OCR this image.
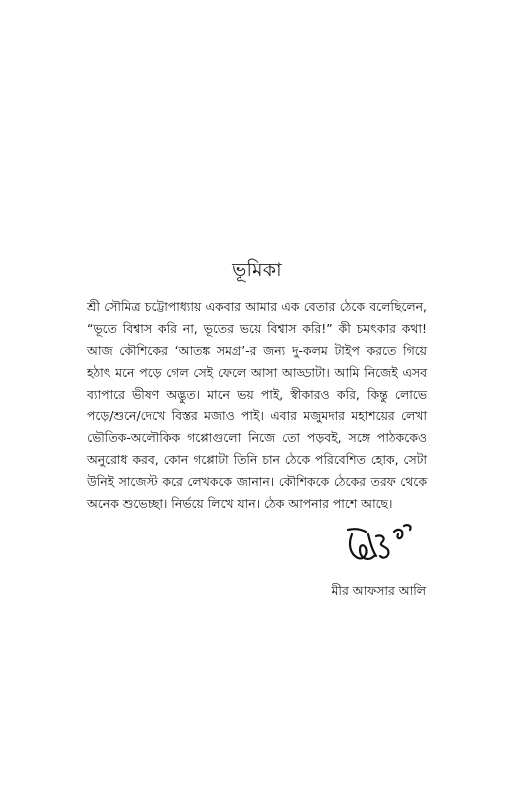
ভূমিকা
শ্রী সৌমিত্র চট্টোপাধ্যায় একবার আমার এক বেতার ঠেকে বলেছিলেন,
“ভূতে বিশ্বাস করি না, ভূতের ভয়ে বিশ্বাস করি!” কী চমৎকার কথা!
আজ কৌশিকের ‘আতঙ্ক সমগ্র’-র জন্য দু-কলম টাইপ করতে গিয়ে
হঠাৎ মনে পড়ে গেল সেই ফেলে আসা আড্ডাটা। আমি নিজেই এসব
ব্যাপারে ভীষণ অদ্ভুত। মানে ভয় পাই, স্বীকারও করি, কিন্তু লোভে
পড়ে/শুনে/দেখে বিস্তর মজাও পাই। এবার মজুমদার মহাশয়ের লেখা
ভৌতিক-অলৌকিক গপ্পোগুলো নিজে তো পড়বই, সঙ্গে পাঠককেও
অনুরোধ করব, কোন গপ্পোটা তিনি চান ঠেকে পরিবেশিত হোক, সেটা
উনিই সাজেস্ট করে লেখককে জানান। কৌশিককে ঠেকের তরফ থেকে
অনেক শুভেচ্ছা। নির্ভয়ে লিখে যান। ঠেক আপনার পাশে আছে।
মীর আফসার আলি
